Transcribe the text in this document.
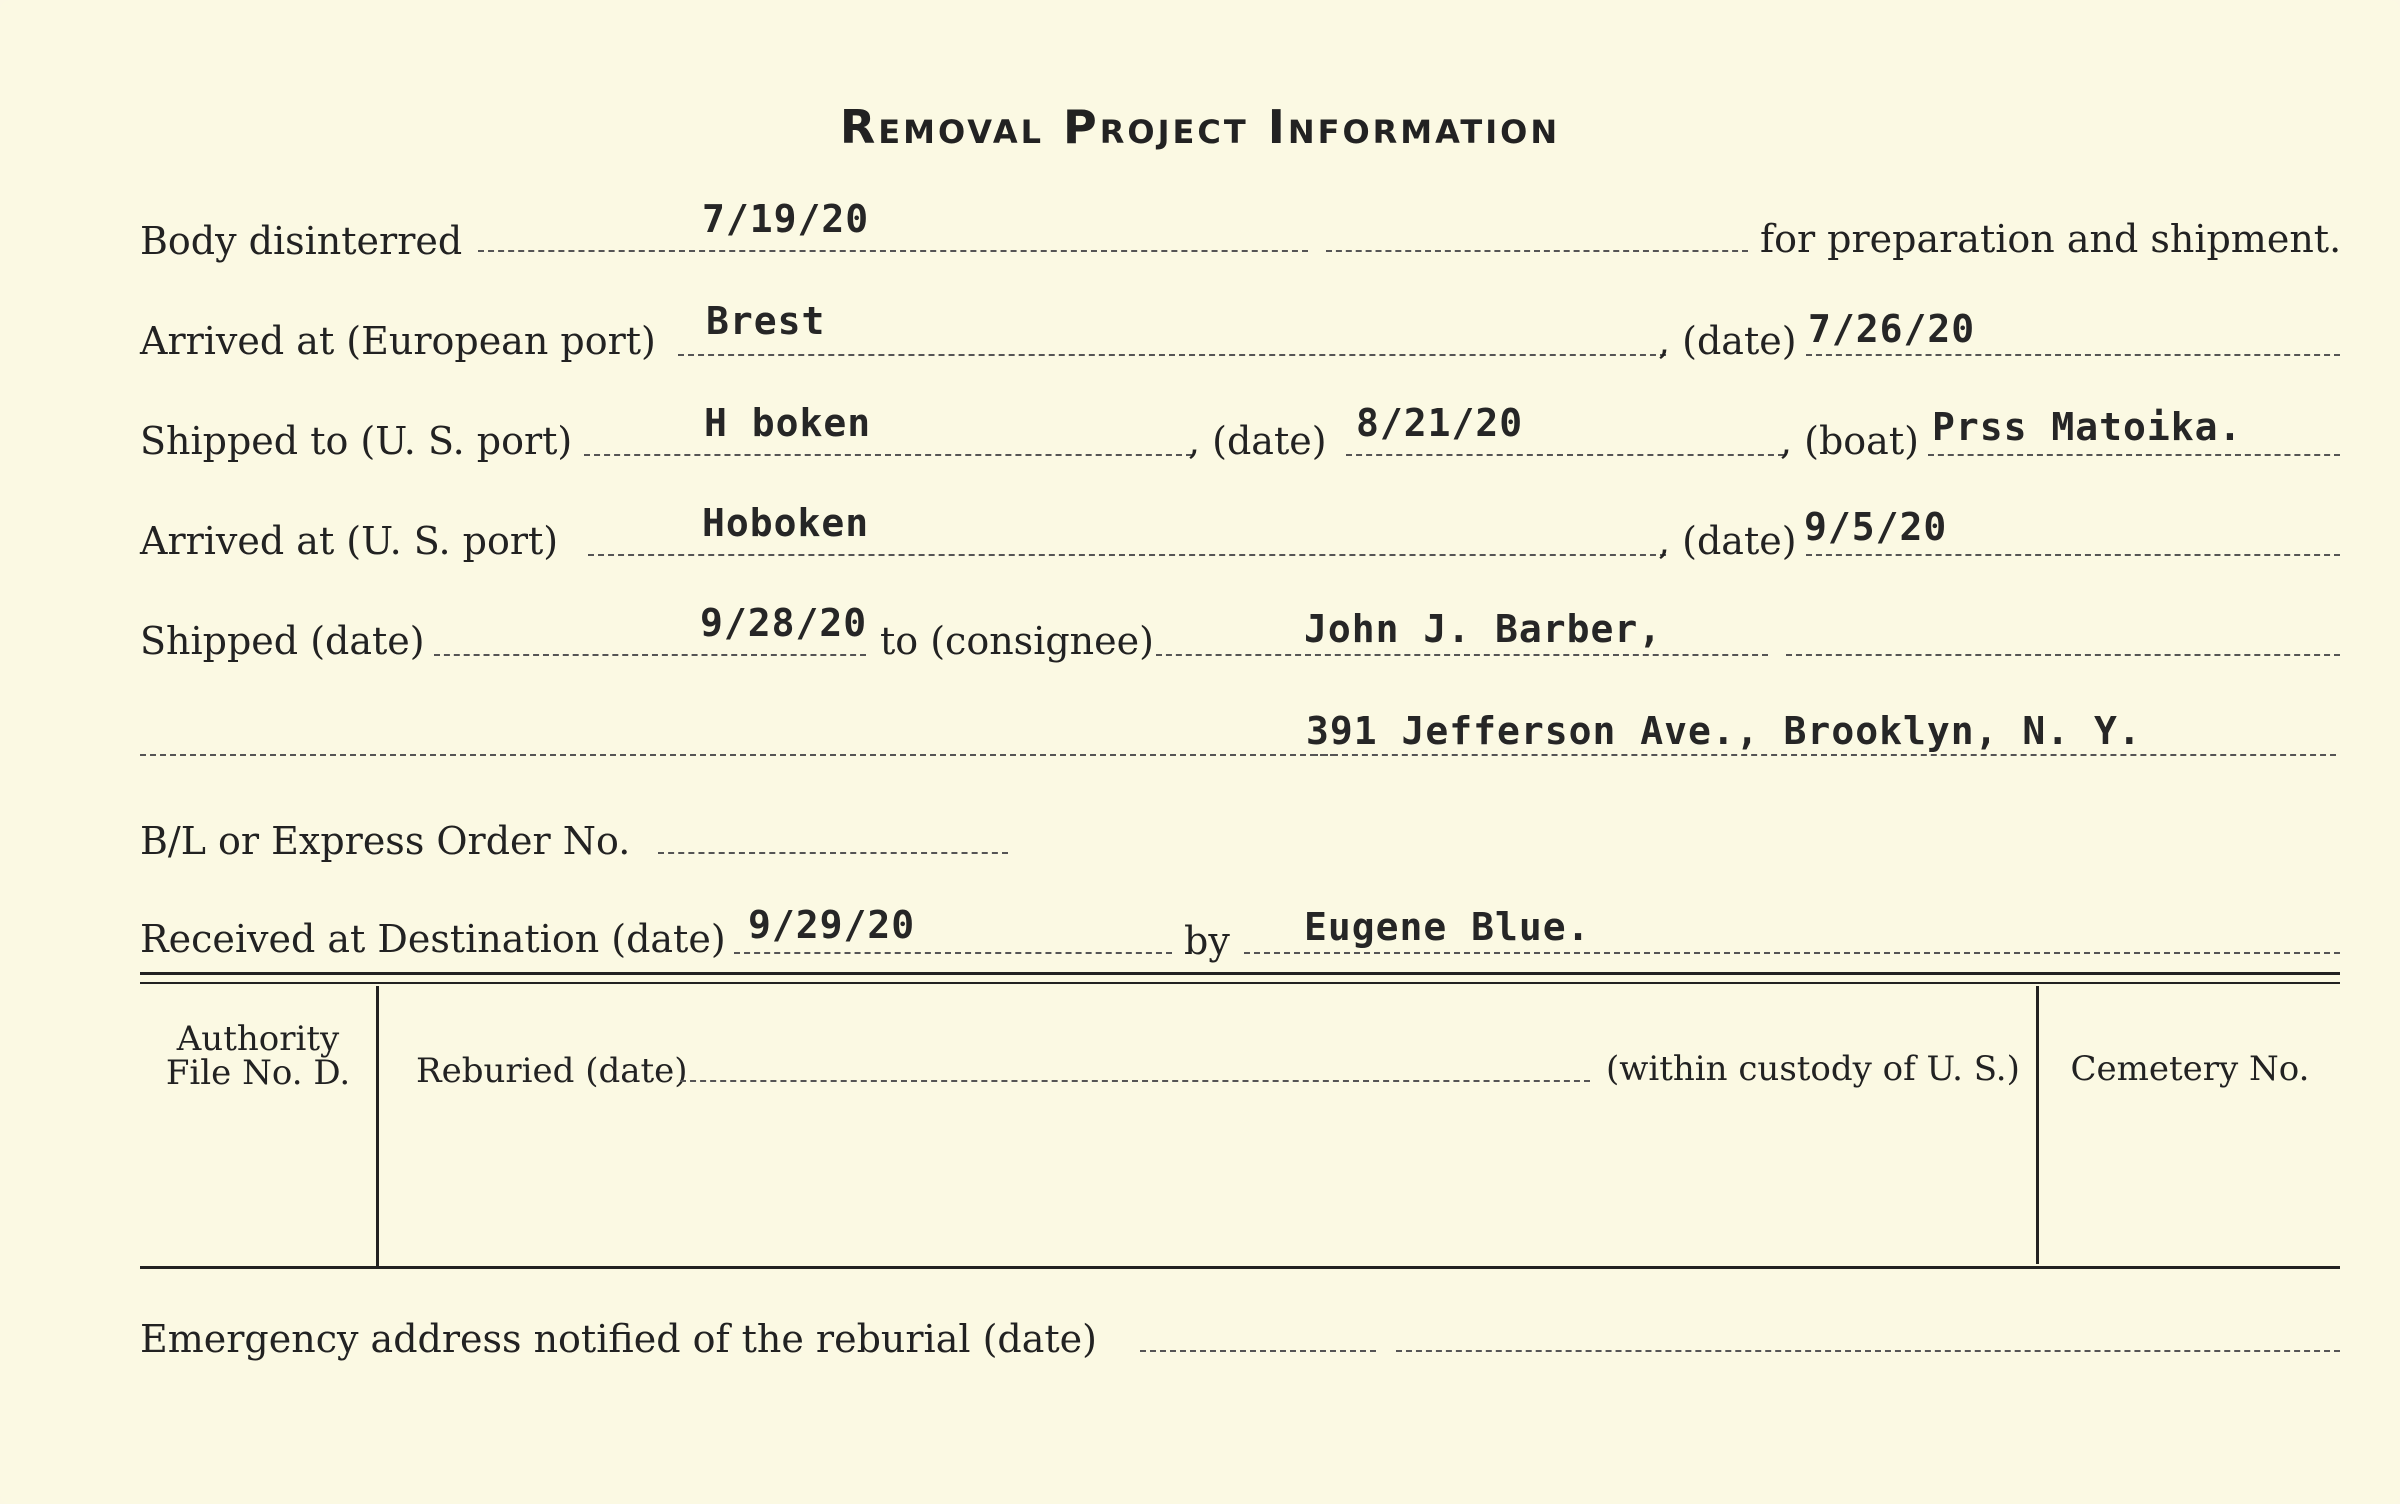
Removal Project Information
Body disinterred	7/19/20	for preparation and shipment.
Arrived at (European port) Brest	, (date) 7/26/20
Shipped to (U. S. port)	H boken	, (date) 8/21/20	, (boat) Prss Matoika.
Arrived at (U. S. port)	Hoboken	, (date) 9/5/20
Shipped (date)	9/28/20 to (consignee)	John J. Barber,
391 Jefferson Ave., Brooklyn, N. Y.
B/L or Express Order No.
Received at Destination (date) 9/29/20	by Eugene Blue.
Authority
File No. D.	Reburied (date)	(within custody of U. S.)	Cemetery No.
Emergency address notified of the reburial (date)
